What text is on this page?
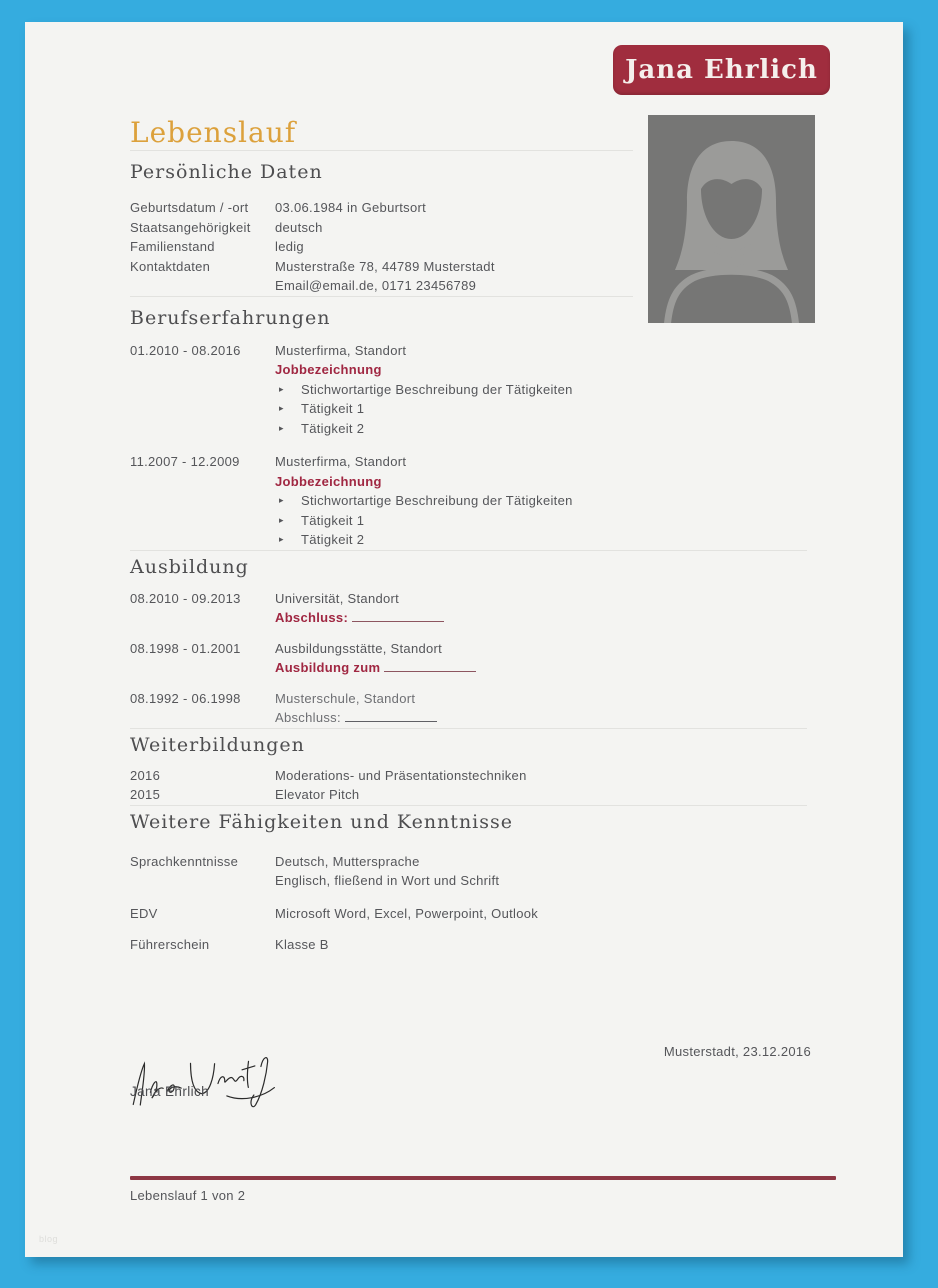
Jana Ehrlich
Lebenslauf
Persönliche Daten
Geburtsdatum / -ort	03.06.1984 in Geburtsort
Staatsangehörigkeit	deutsch
Familienstand	ledig
Kontaktdaten	Musterstraße 78, 44789 Musterstadt
Email@email.de, 0171 23456789
Berufserfahrungen
01.2010 - 08.2016	Musterfirma, Standort
Jobbezeichnung
▸	Stichwortartige Beschreibung der Tätigkeiten
▸	Tätigkeit 1
▸	Tätigkeit 2
11.2007 - 12.2009	Musterfirma, Standort
Jobbezeichnung
▸	Stichwortartige Beschreibung der Tätigkeiten
▸	Tätigkeit 1
▸	Tätigkeit 2
Ausbildung
08.2010 - 09.2013	Universität, Standort
Abschluss:
08.1998 - 01.2001	Ausbildungsstätte, Standort
Ausbildung zum
08.1992 - 06.1998	Musterschule, Standort
Abschluss:
Weiterbildungen
2016	Moderations- und Präsentationstechniken
2015	Elevator Pitch
Weitere Fähigkeiten und Kenntnisse
Sprachkenntnisse	Deutsch, Muttersprache
Englisch, fließend in Wort und Schrift
EDV	Microsoft Word, Excel, Powerpoint, Outlook
Führerschein	Klasse B
Musterstadt, 23.12.2016
Jana Ehrlich
Lebenslauf 1 von 2
blog
